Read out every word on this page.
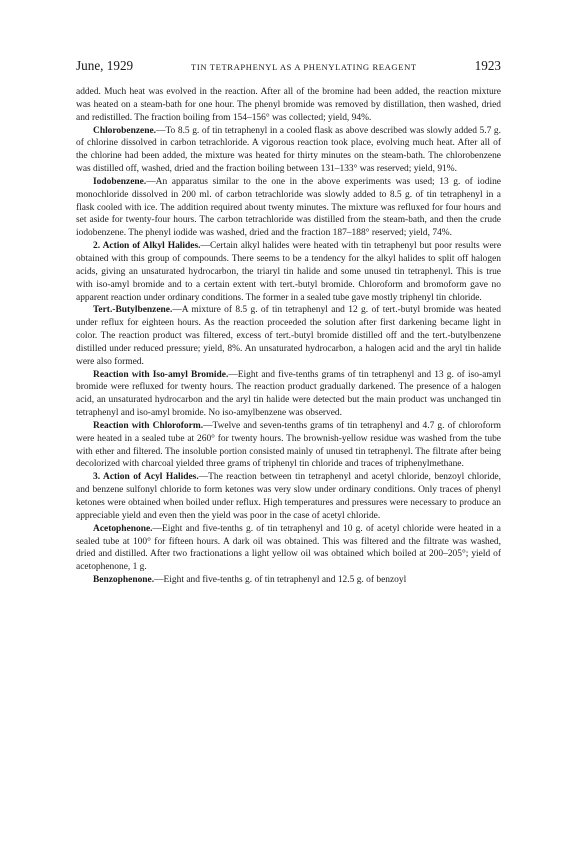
June, 1929	TIN TETRAPHENYL AS A PHENYLATING REAGENT	1923

added. Much heat was evolved in the reaction. After all of the bromine had been added, the reaction mixture was heated on a steam-bath for one hour. The phenyl bromide was removed by distillation, then washed, dried and redistilled. The fraction boiling from 154–156° was collected; yield, 94%.

Chlorobenzene.—To 8.5 g. of tin tetraphenyl in a cooled flask as above described was slowly added 5.7 g. of chlorine dissolved in carbon tetrachloride. A vigorous reaction took place, evolving much heat. After all of the chlorine had been added, the mixture was heated for thirty minutes on the steam-bath. The chlorobenzene was distilled off, washed, dried and the fraction boiling between 131–133° was reserved; yield, 91%.

Iodobenzene.—An apparatus similar to the one in the above experiments was used; 13 g. of iodine monochloride dissolved in 200 ml. of carbon tetrachloride was slowly added to 8.5 g. of tin tetraphenyl in a flask cooled with ice. The addition required about twenty minutes. The mixture was refluxed for four hours and set aside for twenty-four hours. The carbon tetrachloride was distilled from the steam-bath, and then the crude iodobenzene. The phenyl iodide was washed, dried and the fraction 187–188° reserved; yield, 74%.

2. Action of Alkyl Halides.—Certain alkyl halides were heated with tin tetraphenyl but poor results were obtained with this group of compounds. There seems to be a tendency for the alkyl halides to split off halogen acids, giving an unsaturated hydrocarbon, the triaryl tin halide and some unused tin tetraphenyl. This is true with iso-amyl bromide and to a certain extent with tert.-butyl bromide. Chloroform and bromoform gave no apparent reaction under ordinary conditions. The former in a sealed tube gave mostly triphenyl tin chloride.

Tert.-Butylbenzene.—A mixture of 8.5 g. of tin tetraphenyl and 12 g. of tert.-butyl bromide was heated under reflux for eighteen hours. As the reaction proceeded the solution after first darkening became light in color. The reaction product was filtered, excess of tert.-butyl bromide distilled off and the tert.-butylbenzene distilled under reduced pressure; yield, 8%. An unsaturated hydrocarbon, a halogen acid and the aryl tin halide were also formed.

Reaction with Iso-amyl Bromide.—Eight and five-tenths grams of tin tetraphenyl and 13 g. of iso-amyl bromide were refluxed for twenty hours. The reaction product gradually darkened. The presence of a halogen acid, an unsaturated hydrocarbon and the aryl tin halide were detected but the main product was unchanged tin tetraphenyl and iso-amyl bromide. No iso-amylbenzene was observed.

Reaction with Chloroform.—Twelve and seven-tenths grams of tin tetraphenyl and 4.7 g. of chloroform were heated in a sealed tube at 260° for twenty hours. The brownish-yellow residue was washed from the tube with ether and filtered. The insoluble portion consisted mainly of unused tin tetraphenyl. The filtrate after being decolorized with charcoal yielded three grams of triphenyl tin chloride and traces of triphenylmethane.

3. Action of Acyl Halides.—The reaction between tin tetraphenyl and acetyl chloride, benzoyl chloride, and benzene sulfonyl chloride to form ketones was very slow under ordinary conditions. Only traces of phenyl ketones were obtained when boiled under reflux. High temperatures and pressures were necessary to produce an appreciable yield and even then the yield was poor in the case of acetyl chloride.

Acetophenone.—Eight and five-tenths g. of tin tetraphenyl and 10 g. of acetyl chloride were heated in a sealed tube at 100° for fifteen hours. A dark oil was obtained. This was filtered and the filtrate was washed, dried and distilled. After two fractionations a light yellow oil was obtained which boiled at 200–205°; yield of acetophenone, 1 g.

Benzophenone.—Eight and five-tenths g. of tin tetraphenyl and 12.5 g. of benzoyl
